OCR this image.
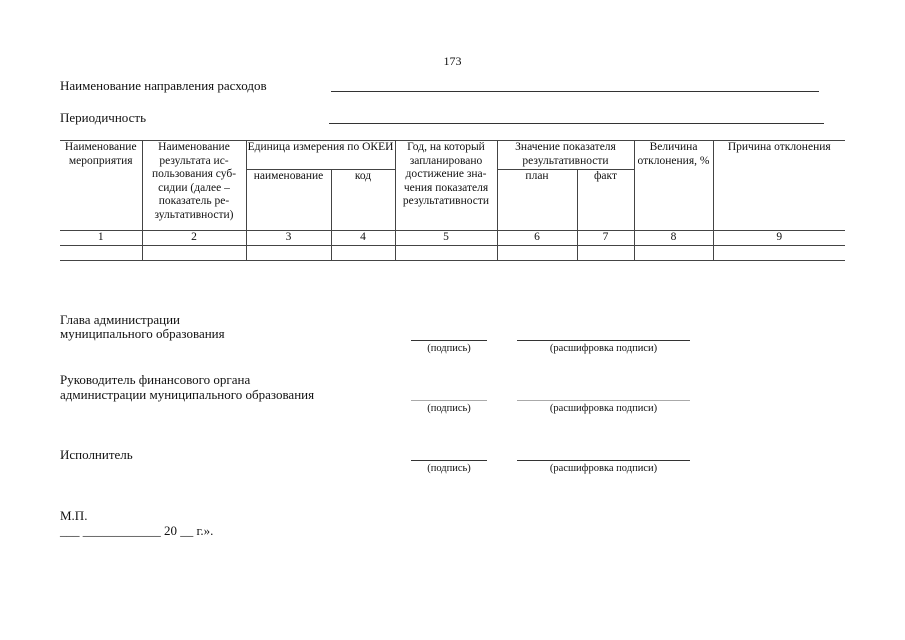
173
Наименование направления расходов
Периодичность
Наименование мероприятия	Наименование результата ис-пользования суб-сидии (далее – показатель ре-зультативности)	Единица измерения по ОКЕИ		Год, на который запланировано достижение зна-чения показателя результативности	Значение показателя результативности		Величина отклонения, %	Причина отклонения
		наименование	код		план	факт		
1	2	3	4	5	6	7	8	9

Глава администрации
муниципального образования
(подпись)	(расшифровка подписи)
Руководитель финансового органа
администрации муниципального образования
(подпись)	(расшифровка подписи)
Исполнитель
(подпись)	(расшифровка подписи)
М.П.
___ ____________ 20 __ г.».
